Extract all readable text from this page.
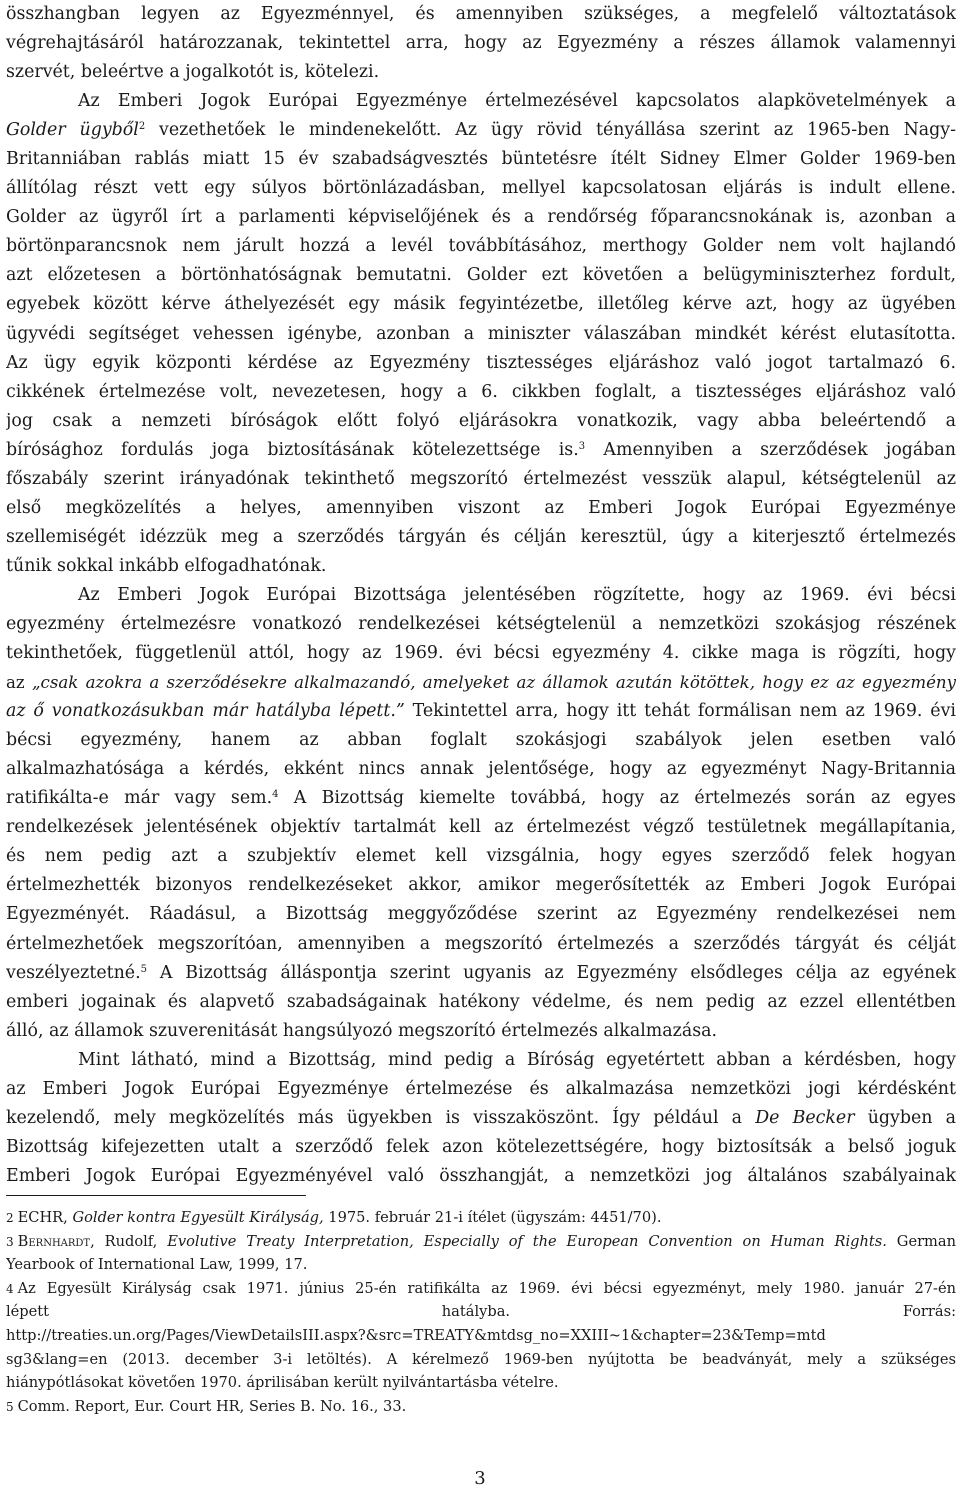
összhangban legyen az Egyezménnyel, és amennyiben szükséges, a megfelelő változtatások
végrehajtásáról határozzanak, tekintettel arra, hogy az Egyezmény a részes államok valamennyi
szervét, beleértve a jogalkotót is, kötelezi.
Az Emberi Jogok Európai Egyezménye értelmezésével kapcsolatos alapkövetelmények a
Golder ügyből$^2$ vezethetőek le mindenekelőtt. Az ügy rövid tényállása szerint az 1965-ben Nagy-
Britanniában rablás miatt 15 év szabadságvesztés büntetésre ítélt Sidney Elmer Golder 1969-ben
állítólag részt vett egy súlyos börtönlázadásban, mellyel kapcsolatosan eljárás is indult ellene.
Golder az ügyről írt a parlamenti képviselőjének és a rendőrség főparancsnokának is, azonban a
börtönparancsnok nem járult hozzá a levél továbbításához, merthogy Golder nem volt hajlandó
azt előzetesen a börtönhatóságnak bemutatni. Golder ezt követően a belügyminiszterhez fordult,
egyebek között kérve áthelyezését egy másik fegyintézetbe, illetőleg kérve azt, hogy az ügyében
ügyvédi segítséget vehessen igénybe, azonban a miniszter válaszában mindkét kérést elutasította.
Az ügy egyik központi kérdése az Egyezmény tisztességes eljáráshoz való jogot tartalmazó 6.
cikkének értelmezése volt, nevezetesen, hogy a 6. cikkben foglalt, a tisztességes eljáráshoz való
jog csak a nemzeti bíróságok előtt folyó eljárásokra vonatkozik, vagy abba beleértendő a
bírósághoz fordulás joga biztosításának kötelezettsége is.$^3$ Amennyiben a szerződések jogában
főszabály szerint irányadónak tekinthető megszorító értelmezést vesszük alapul, kétségtelenül az
első megközelítés a helyes, amennyiben viszont az Emberi Jogok Európai Egyezménye
szellemiségét idézzük meg a szerződés tárgyán és célján keresztül, úgy a kiterjesztő értelmezés
tűnik sokkal inkább elfogadhatónak.
Az Emberi Jogok Európai Bizottsága jelentésében rögzítette, hogy az 1969. évi bécsi
egyezmény értelmezésre vonatkozó rendelkezései kétségtelenül a nemzetközi szokásjog részének
tekinthetőek, függetlenül attól, hogy az 1969. évi bécsi egyezmény 4. cikke maga is rögzíti, hogy
az „csak azokra a szerződésekre alkalmazandó, amelyeket az államok azután kötöttek, hogy ez az egyezmény
az ő vonatkozásukban már hatályba lépett.” Tekintettel arra, hogy itt tehát formálisan nem az 1969. évi
bécsi egyezmény, hanem az abban foglalt szokásjogi szabályok jelen esetben való
alkalmazhatósága a kérdés, ekként nincs annak jelentősége, hogy az egyezményt Nagy-Britannia
ratifikálta-e már vagy sem.$^4$ A Bizottság kiemelte továbbá, hogy az értelmezés során az egyes
rendelkezések jelentésének objektív tartalmát kell az értelmezést végző testületnek megállapítania,
és nem pedig azt a szubjektív elemet kell vizsgálnia, hogy egyes szerződő felek hogyan
értelmezhették bizonyos rendelkezéseket akkor, amikor megerősítették az Emberi Jogok Európai
Egyezményét. Ráadásul, a Bizottság meggyőződése szerint az Egyezmény rendelkezései nem
értelmezhetőek megszorítóan, amennyiben a megszorító értelmezés a szerződés tárgyát és célját
veszélyeztetné.$^5$ A Bizottság álláspontja szerint ugyanis az Egyezmény elsődleges célja az egyének
emberi jogainak és alapvető szabadságainak hatékony védelme, és nem pedig az ezzel ellentétben
álló, az államok szuverenitását hangsúlyozó megszorító értelmezés alkalmazása.
Mint látható, mind a Bizottság, mind pedig a Bíróság egyetértett abban a kérdésben, hogy
az Emberi Jogok Európai Egyezménye értelmezése és alkalmazása nemzetközi jogi kérdésként
kezelendő, mely megközelítés más ügyekben is visszaköszönt. Így például a De Becker ügyben a
Bizottság kifejezetten utalt a szerződő felek azon kötelezettségére, hogy biztosítsák a belső joguk
Emberi Jogok Európai Egyezményével való összhangját, a nemzetközi jog általános szabályainak
2 ECHR, Golder kontra Egyesült Királyság, 1975. február 21-i ítélet (ügyszám: 4451/70).
3 Bernhardt, Rudolf, Evolutive Treaty Interpretation, Especially of the European Convention on Human Rights. German
Yearbook of International Law, 1999, 17.
4 Az Egyesült Királyság csak 1971. június 25-én ratifikálta az 1969. évi bécsi egyezményt, mely 1980. január 27-én
lépett hatályba. Forrás:
http://treaties.un.org/Pages/ViewDetailsIII.aspx?&src=TREATY&mtdsg_no=XXIII~1&chapter=23&Temp=mtd
sg3&lang=en (2013. december 3-i letöltés). A kérelmező 1969-ben nyújtotta be beadványát, mely a szükséges
hiánypótlásokat követően 1970. áprilisában került nyilvántartásba vételre.
5 Comm. Report, Eur. Court HR, Series B. No. 16., 33.
3
